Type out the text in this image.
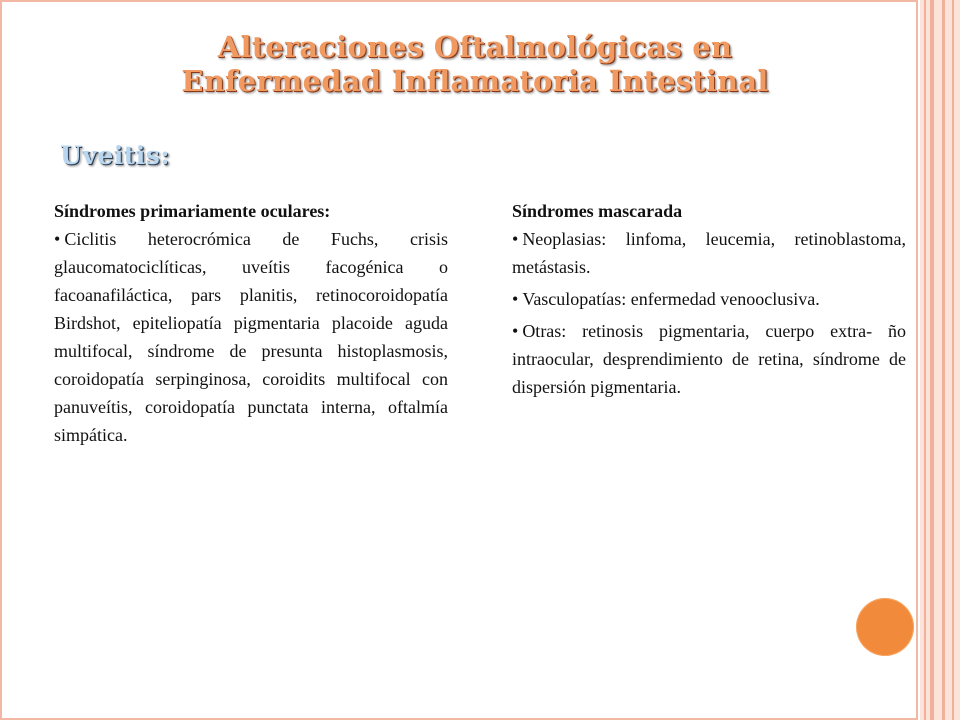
Alteraciones Oftalmológicas en
Enfermedad Inflamatoria Intestinal
Uveitis:
Síndromes primariamente oculares:

• Ciclitis heterocrómica de Fuchs, crisis glaucomatociclíticas, uveítis facogénica o facoanafiláctica, pars planitis, retinocoroidopatía Birdshot, epiteliopatía pigmentaria placoide aguda multifocal, síndrome de presunta histoplasmosis, coroidopatía serpinginosa, coroidits multifocal con panuveítis, coroidopatía punctata interna, oftalmía simpática.

Síndromes mascarada

• Neoplasias: linfoma, leucemia, retinoblastoma, metástasis.

• Vasculopatías: enfermedad venooclusiva.

• Otras: retinosis pigmentaria, cuerpo extra- ño intraocular, desprendimiento de retina, síndrome de dispersión pigmentaria.
